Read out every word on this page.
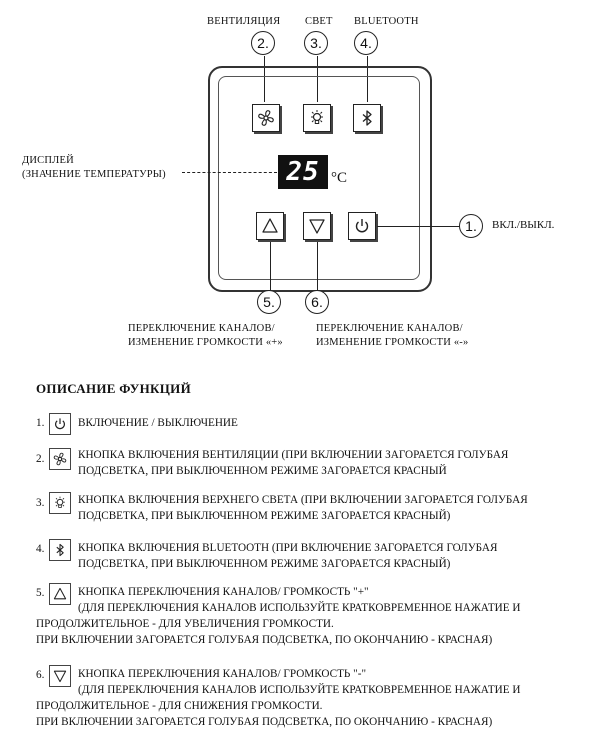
ВЕНТИЛЯЦИЯ СВЕТ BLUETOOTH
2.	3.	4.
25 °C
ДИСПЛЕЙ
(ЗНАЧЕНИЕ ТЕМПЕРАТУРЫ)
1.	ВКЛ./ВЫКЛ.
5.	6.
ПЕРЕКЛЮЧЕНИЕ КАНАЛОВ/
ИЗМЕНЕНИЕ ГРОМКОСТИ «+»
ПЕРЕКЛЮЧЕНИЕ КАНАЛОВ/
ИЗМЕНЕНИЕ ГРОМКОСТИ «-»
ОПИСАНИЕ ФУНКЦИЙ
1.	ВКЛЮЧЕНИЕ / ВЫКЛЮЧЕНИЕ
2.	КНОПКА ВКЛЮЧЕНИЯ ВЕНТИЛЯЦИИ (ПРИ ВКЛЮЧЕНИИ ЗАГОРАЕТСЯ ГОЛУБАЯ
ПОДСВЕТКА, ПРИ ВЫКЛЮЧЕННОМ РЕЖИМЕ ЗАГОРАЕТСЯ КРАСНЫЙ
3.	КНОПКА ВКЛЮЧЕНИЯ ВЕРХНЕГО СВЕТА (ПРИ ВКЛЮЧЕНИИ ЗАГОРАЕТСЯ ГОЛУБАЯ
ПОДСВЕТКА, ПРИ ВЫКЛЮЧЕННОМ РЕЖИМЕ ЗАГОРАЕТСЯ КРАСНЫЙ)
4.	КНОПКА ВКЛЮЧЕНИЯ BLUETOOTH (ПРИ ВКЛЮЧЕНИЕ ЗАГОРАЕТСЯ ГОЛУБАЯ
ПОДСВЕТКА, ПРИ ВЫКЛЮЧЕННОМ РЕЖИМЕ ЗАГОРАЕТСЯ КРАСНЫЙ)
5.	КНОПКА ПЕРЕКЛЮЧЕНИЯ КАНАЛОВ/ ГРОМКОСТЬ "+"
(ДЛЯ ПЕРЕКЛЮЧЕНИЯ КАНАЛОВ ИСПОЛЬЗУЙТЕ КРАТКОВРЕМЕННОЕ НАЖАТИЕ И
ПРОДОЛЖИТЕЛЬНОЕ - ДЛЯ УВЕЛИЧЕНИЯ ГРОМКОСТИ.
ПРИ ВКЛЮЧЕНИИ ЗАГОРАЕТСЯ ГОЛУБАЯ ПОДСВЕТКА, ПО ОКОНЧАНИЮ - КРАСНАЯ)
6.	КНОПКА ПЕРЕКЛЮЧЕНИЯ КАНАЛОВ/ ГРОМКОСТЬ "-"
(ДЛЯ ПЕРЕКЛЮЧЕНИЯ КАНАЛОВ ИСПОЛЬЗУЙТЕ КРАТКОВРЕМЕННОЕ НАЖАТИЕ И
ПРОДОЛЖИТЕЛЬНОЕ - ДЛЯ СНИЖЕНИЯ ГРОМКОСТИ.
ПРИ ВКЛЮЧЕНИИ ЗАГОРАЕТСЯ ГОЛУБАЯ ПОДСВЕТКА, ПО ОКОНЧАНИЮ - КРАСНАЯ)
